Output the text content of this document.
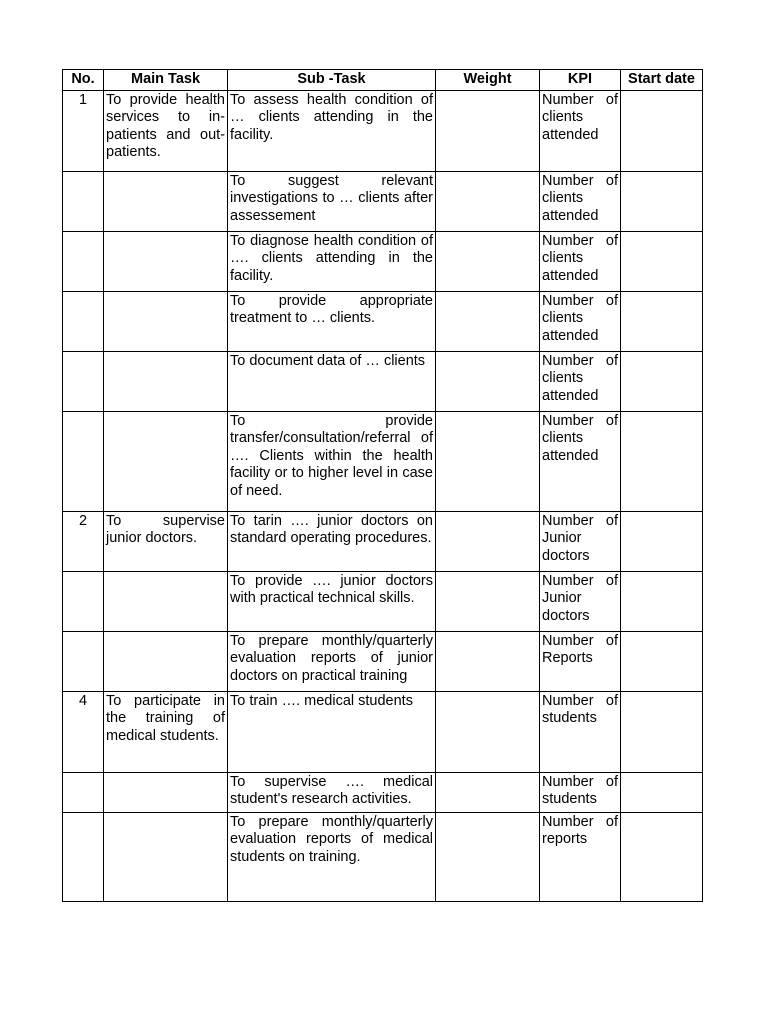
No.	Main Task	Sub -Task	Weight	KPI	Start date
1	To provide health services to in-patients and out-patients.	To assess health condition of … clients attending in the facility.		Number of clients attended	
		To suggest relevant investigations to … clients after assessement		Number of clients attended	
		To diagnose health condition of …. clients attending in the facility.		Number of clients attended	
		To provide appropriate treatment to … clients.		Number of clients attended	
		To document data of … clients		Number of clients attended	
		To provide transfer/consultation/referral of …. Clients within the health facility or to higher level in case of need.		Number of clients attended	
2	To supervise junior doctors.	To tarin …. junior doctors on standard operating procedures.		Number of Junior doctors	
		To provide …. junior doctors with practical technical skills.		Number of Junior doctors	
		To prepare monthly/quarterly evaluation reports of junior doctors on practical training		Number of Reports	
4	To participate in the training of medical students.	To train …. medical students		Number of students	
		To supervise …. medical student's research activities.		Number of students	
		To prepare monthly/quarterly evaluation reports of medical students on training.		Number of reports	
